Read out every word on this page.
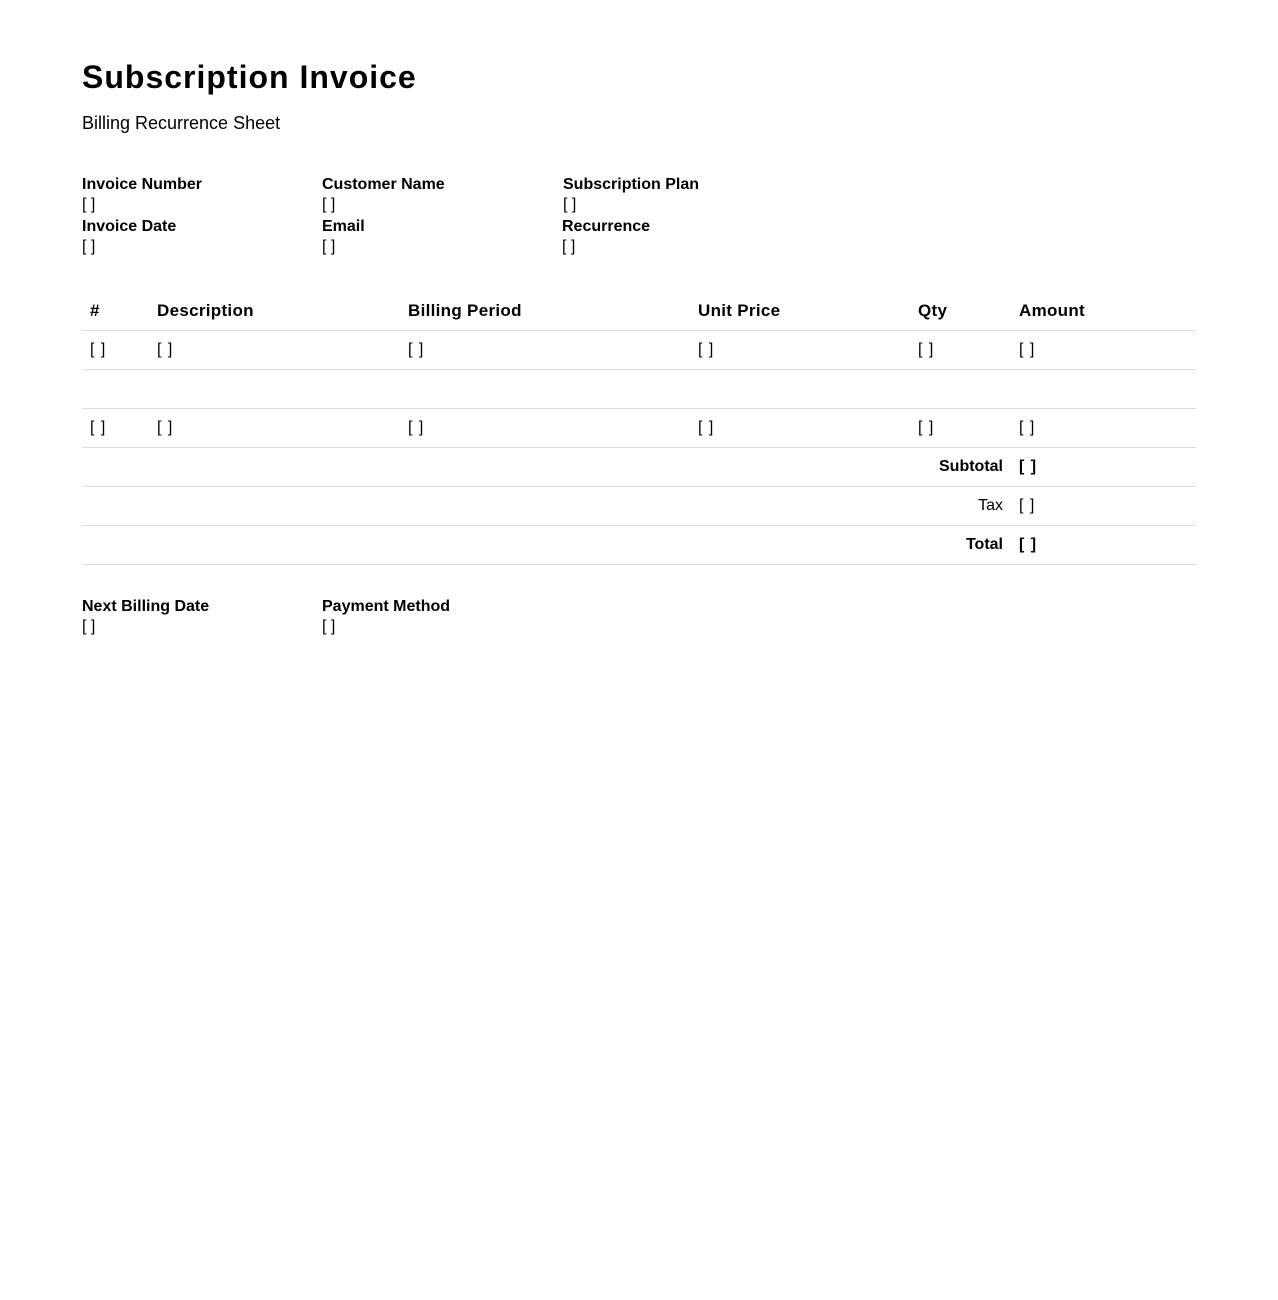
Subscription Invoice
Billing Recurrence Sheet
Invoice Number
[ ]
Customer Name
[ ]
Subscription Plan
[ ]
Invoice Date
[ ]
Email
[ ]
Recurrence
[ ]
#	Description	Billing Period	Unit Price	Qty	Amount
[ ]	[ ]	[ ]	[ ]	[ ]	[ ]

[ ]	[ ]	[ ]	[ ]	[ ]	[ ]
Subtotal					[ ]
Tax					[ ]
Total					[ ]
Next Billing Date
[ ]
Payment Method
[ ]
